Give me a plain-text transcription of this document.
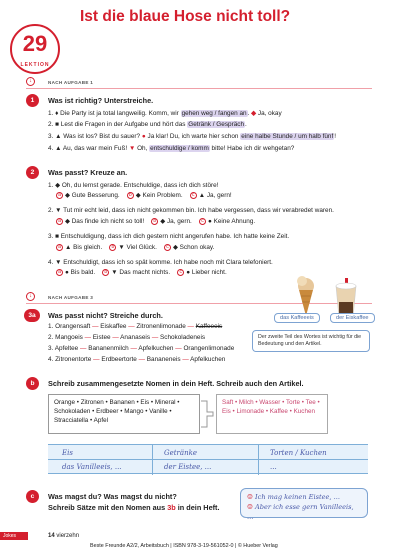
Ist die blaue Hose nicht toll?
29
LEKTION
↓	NACH AUFGABE 1
1	Was ist richtig? Unterstreiche.
1. ♦ Die Party ist ja total langweilig. Komm, wir gehen weg / fangen an. ◆ Ja, okay
2. ■ Lest die Fragen in der Aufgabe und hört das Getränk / Gespräch.
3. ▲ Was ist los? Bist du sauer? ● Ja klar! Du, ich warte hier schon eine halbe Stunde / um halb fünf!
4. ▲ Au, das war mein Fuß! ▼ Oh, entschuldige / komm bitte! Habe ich dir wehgetan?
2	Was passt? Kreuze an.
1. ◆ Oh, du lernst gerade. Entschuldige, dass ich dich störe!
a ◆ Gute Besserung. b ◆ Kein Problem. c ▲ Ja, gern!
2. ▼ Tut mir echt leid, dass ich nicht gekommen bin. Ich habe vergessen, dass wir verabredet waren.
a ◆ Das finde ich nicht so toll! b ◆ Ja, gern. c ● Keine Ahnung.
3. ■ Entschuldigung, dass ich dich gestern nicht angerufen habe. Ich hatte keine Zeit.
a ▲ Bis gleich. b ▼ Viel Glück. c ◆ Schon okay.
4. ▼ Entschuldigt, dass ich so spät komme. Ich habe noch mit Clara telefoniert.
a ● Bis bald. b ▼ Das macht nichts. c ● Lieber nicht.
↓	NACH AUFGABE 3
3a	Was passt nicht? Streiche durch.
1. Orangensaft — Eiskaffee — Zitronenlimonade — Kaffeeeis
2. Mangoeis — Eistee — Ananaseis — Schokoladeneis
3. Apfeltee — Bananenmilch — Apfelkuchen — Orangenlimonade
4. Zitronentorte — Erdbeertorte — Bananeneis — Apfelkuchen
das Kaffeeeis	der Eiskaffee
Der zweite Teil des Wortes ist wichtig für die Bedeutung und den Artikel.
b	Schreib zusammengesetzte Nomen in dein Heft. Schreib auch den Artikel.
Orange • Zitronen • Bananen • Eis • Mineral • Schokoladen • Erdbeer • Mango • Vanille • Stracciatella • Apfel
Saft • Milch • Wasser • Torte • Tee • Eis • Limonade • Kaffee • Kuchen
Eis	Getränke	Torten / Kuchen
das Vanilleeis, ...	der Eistee, ...	...
c	Was magst du? Was magst du nicht?
Schreib Sätze mit den Nomen aus 3b in dein Heft.
☺ Ich mag keinen Eistee, ...
☺ Aber ich esse gern Vanilleeis, ...
Jokes	14 vierzehn
Beste Freunde A2/2, Arbeitsbuch | ISBN 978-3-19-561052-0 | © Hueber Verlag
